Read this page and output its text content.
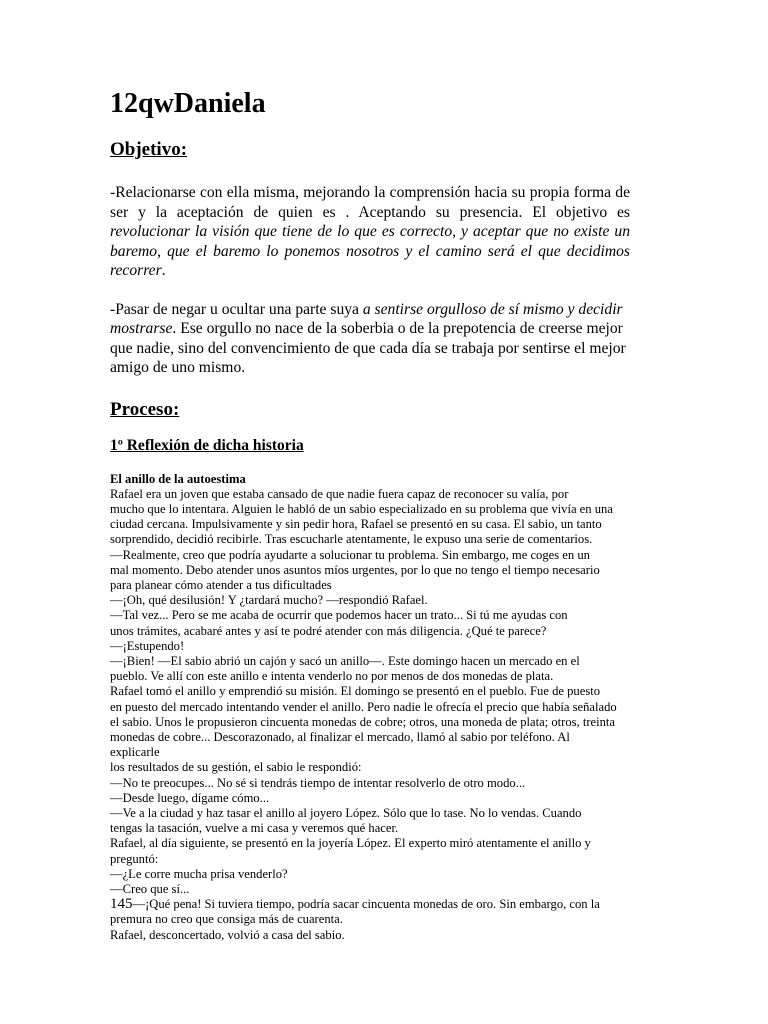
12qwDaniela
Objetivo:

-Relacionarse con ella misma, mejorando la comprensión hacia su propia forma de ser y la aceptación de quien es . Aceptando su presencia. El objetivo es revolucionar la visión que tiene de lo que es correcto, y aceptar que no existe un baremo, que el baremo lo ponemos nosotros y el camino será el que decidimos recorrer.

-Pasar de negar u ocultar una parte suya a sentirse orgulloso de sí mismo y decidir mostrarse. Ese orgullo no nace de la soberbia o de la prepotencia de creerse mejor que nadie, sino del convencimiento de que cada día se trabaja por sentirse el mejor amigo de uno mismo.

Proceso:
1º Reflexión de dicha historia
El anillo de la autoestima
Rafael era un joven que estaba cansado de que nadie fuera capaz de reconocer su valía, por
mucho que lo intentara. Alguien le habló de un sabio especializado en su problema que vivía en una
ciudad cercana. Impulsivamente y sin pedir hora, Rafael se presentó en su casa. El sabio, un tanto
sorprendido, decidió recibirle. Tras escucharle atentamente, le expuso una serie de comentarios.
—Realmente, creo que podría ayudarte a solucionar tu problema. Sin embargo, me coges en un
mal momento. Debo atender unos asuntos míos urgentes, por lo que no tengo el tiempo necesario
para planear cómo atender a tus dificultades
—¡Oh, qué desilusión! Y ¿tardará mucho? —respondió Rafael.
—Tal vez... Pero se me acaba de ocurrir que podemos hacer un trato... Si tú me ayudas con
unos trámites, acabaré antes y así te podré atender con más diligencia. ¿Qué te parece?
—¡Estupendo!
—¡Bien! —El sabio abrió un cajón y sacó un anillo—. Este domingo hacen un mercado en el
pueblo. Ve allí con este anillo e intenta venderlo no por menos de dos monedas de plata.
Rafael tomó el anillo y emprendió su misión. El domingo se presentó en el pueblo. Fue de puesto
en puesto del mercado intentando vender el anillo. Pero nadie le ofrecía el precio que había señalado
el sabio. Unos le propusieron cincuenta monedas de cobre; otros, una moneda de plata; otros, treinta
monedas de cobre... Descorazonado, al finalizar el mercado, llamó al sabio por teléfono. Al
explicarle
los resultados de su gestión, el sabio le respondió:
—No te preocupes... No sé si tendrás tiempo de intentar resolverlo de otro modo...
—Desde luego, dígame cómo...
—Ve a la ciudad y haz tasar el anillo al joyero López. Sólo que lo tase. No lo vendas. Cuando
tengas la tasación, vuelve a mi casa y veremos qué hacer.
Rafael, al día siguiente, se presentó en la joyería López. El experto miró atentamente el anillo y
preguntó:
—¿Le corre mucha prisa venderlo?
—Creo que sí...
145—¡Qué pena! Si tuviera tiempo, podría sacar cincuenta monedas de oro. Sin embargo, con la
premura no creo que consiga más de cuarenta.
Rafael, desconcertado, volvió a casa del sabio.
